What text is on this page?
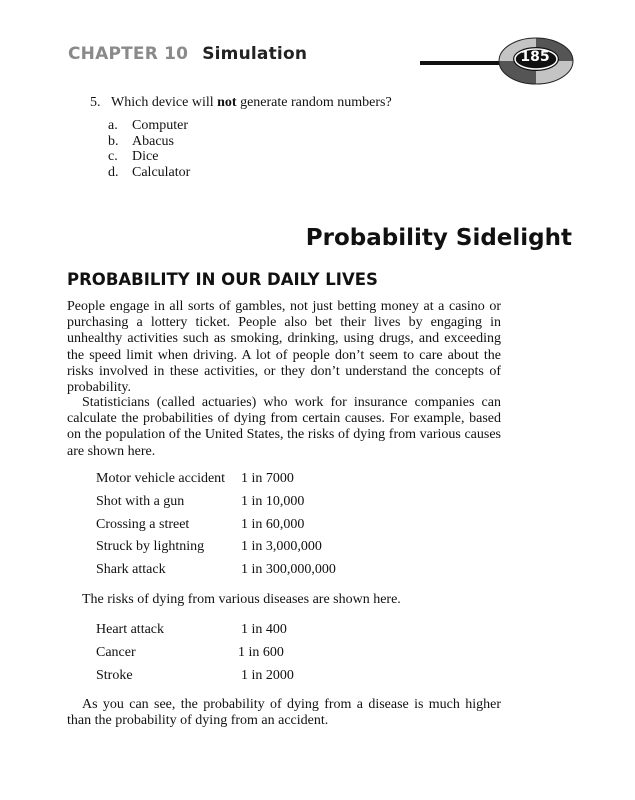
CHAPTER 10 Simulation	185
5. Which device will not generate random numbers?
a.	Computer
b. Abacus
c.	Dice
d. Calculator
Probability Sidelight
PROBABILITY IN OUR DAILY LIVES
People engage in all sorts of gambles, not just betting money at a casino or purchasing a lottery ticket. People also bet their lives by engaging in unhealthy activities such as smoking, drinking, using drugs, and exceeding the speed limit when driving. A lot of people don’t seem to care about the risks involved in these activities, or they don’t understand the concepts of probability.
Statisticians (called actuaries) who work for insurance companies can calculate the probabilities of dying from certain causes. For example, based on the population of the United States, the risks of dying from various causes are shown here.
Motor vehicle accident	1 in 7000
Shot with a gun	1 in 10,000
Crossing a street	1 in 60,000
Struck by lightning	1 in 3,000,000
Shark attack	1 in 300,000,000
The risks of dying from various diseases are shown here.
Heart attack	1 in 400
Cancer	1 in 600
Stroke	1 in 2000
As you can see, the probability of dying from a disease is much higher than the probability of dying from an accident.
